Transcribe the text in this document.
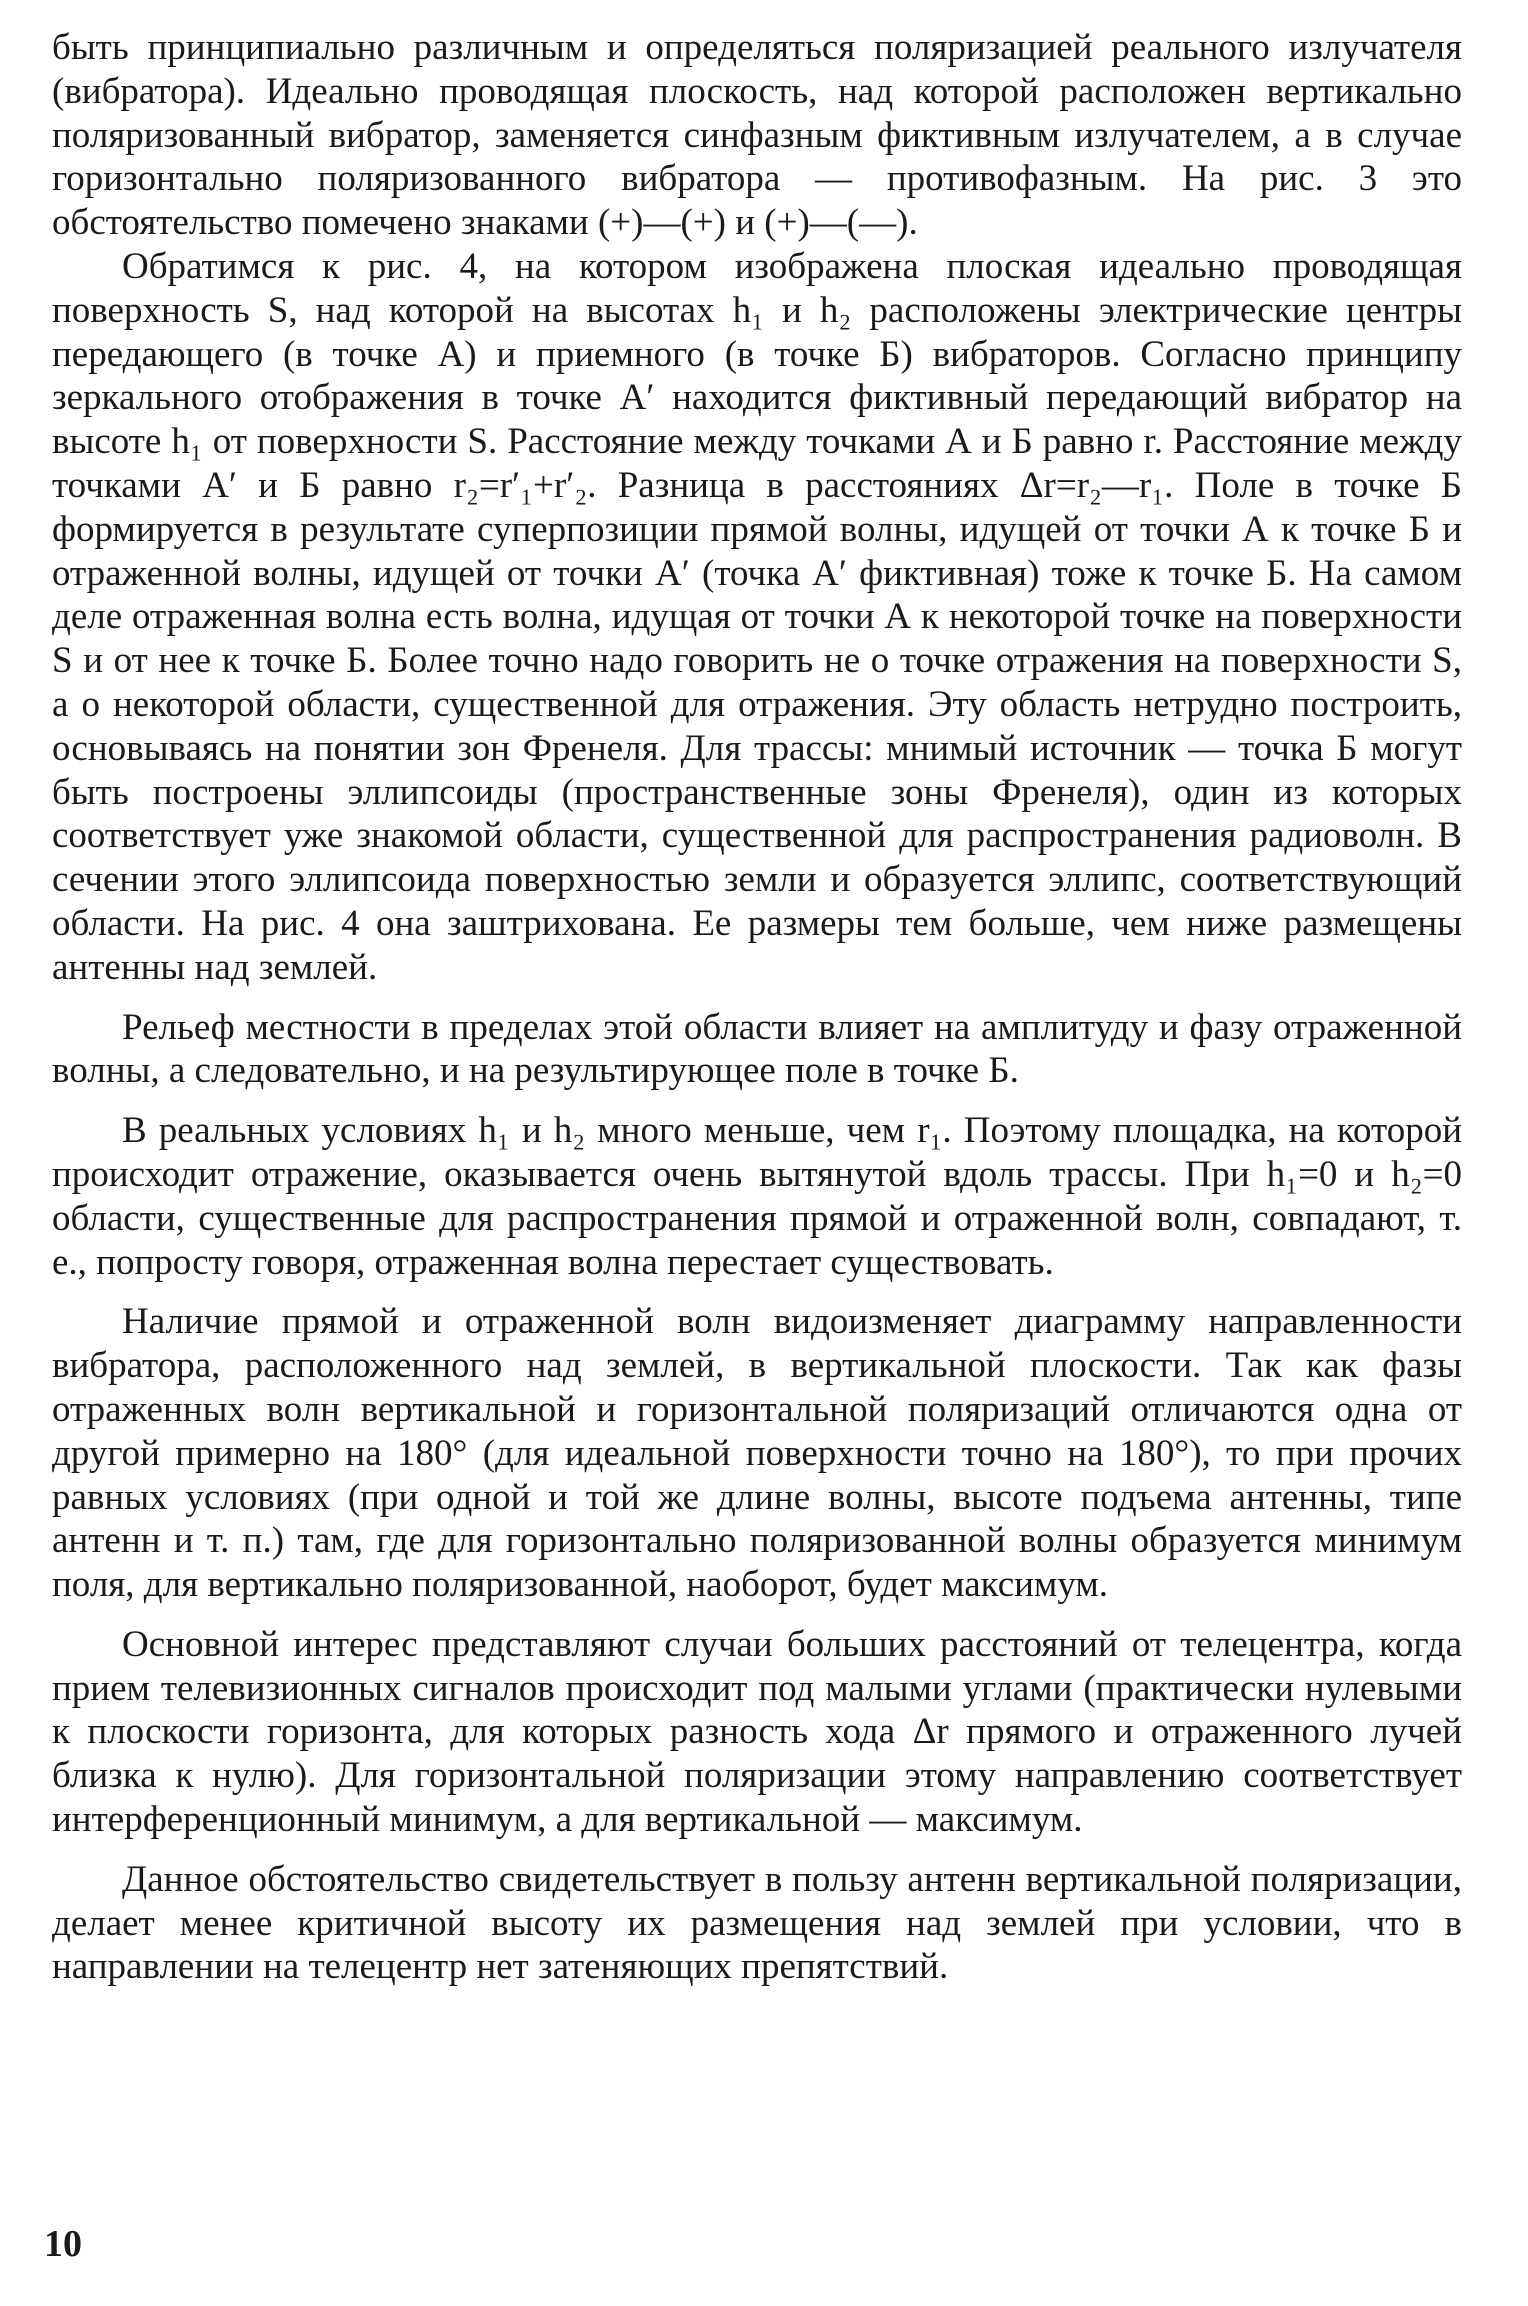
быть принципиально различным и определяться поляризацией реального излучателя (вибратора). Идеально проводящая плоскость, над которой расположен вертикально поляризованный вибратор, заменяется синфазным фиктивным излучателем, а в случае горизонтально поляризованного вибратора — противофазным. На рис. 3 это обстоятельство помечено знаками (+)—(+) и (+)—(—).

Обратимся к рис. 4, на котором изображена плоская идеально проводящая поверхность S, над которой на высотах h₁ и h₂ расположены электрические центры передающего (в точке А) и приемного (в точке Б) вибраторов. Согласно принципу зеркального отображения в точке А′ находится фиктивный передающий вибратор на высоте h₁ от поверхности S. Расстояние между точками А и Б равно r. Расстояние между точками А′ и Б равно r₂=r′₁+r′₂. Разница в расстояниях Δr=r₂—r₁. Поле в точке Б формируется в результате суперпозиции прямой волны, идущей от точки А к точке Б и отраженной волны, идущей от точки А′ (точка А′ фиктивная) тоже к точке Б. На самом деле отраженная волна есть волна, идущая от точки А к некоторой точке на поверхности S и от нее к точке Б. Более точно надо говорить не о точке отражения на поверхности S, а о некоторой области, существенной для отражения. Эту область нетрудно построить, основываясь на понятии зон Френеля. Для трассы: мнимый источник — точка Б могут быть построены эллипсоиды (пространственные зоны Френеля), один из которых соответствует уже знакомой области, существенной для распространения радиоволн. В сечении этого эллипсоида поверхностью земли и образуется эллипс, соответствующий области. На рис. 4 она заштрихована. Ее размеры тем больше, чем ниже размещены антенны над землей.

Рельеф местности в пределах этой области влияет на амплитуду и фазу отраженной волны, а следовательно, и на результирующее поле в точке Б.

В реальных условиях h₁ и h₂ много меньше, чем r₁. Поэтому площадка, на которой происходит отражение, оказывается очень вытянутой вдоль трассы. При h₁=0 и h₂=0 области, существенные для распространения прямой и отраженной волн, совпадают, т. е., попросту говоря, отраженная волна перестает существовать.

Наличие прямой и отраженной волн видоизменяет диаграмму направленности вибратора, расположенного над землей, в вертикальной плоскости. Так как фазы отраженных волн вертикальной и горизонтальной поляризаций отличаются одна от другой примерно на 180° (для идеальной поверхности точно на 180°), то при прочих равных условиях (при одной и той же длине волны, высоте подъема антенны, типе антенн и т. п.) там, где для горизонтально поляризованной волны образуется минимум поля, для вертикально поляризованной, наоборот, будет максимум.

Основной интерес представляют случаи больших расстояний от телецентра, когда прием телевизионных сигналов происходит под малыми углами (практически нулевыми к плоскости горизонта, для которых разность хода Δr прямого и отраженного лучей близка к нулю). Для горизонтальной поляризации этому направлению соответствует интерференционный минимум, а для вертикальной — максимум.

Данное обстоятельство свидетельствует в пользу антенн вертикальной поляризации, делает менее критичной высоту их размещения над землей при условии, что в направлении на телецентр нет затеняющих препятствий.

10
